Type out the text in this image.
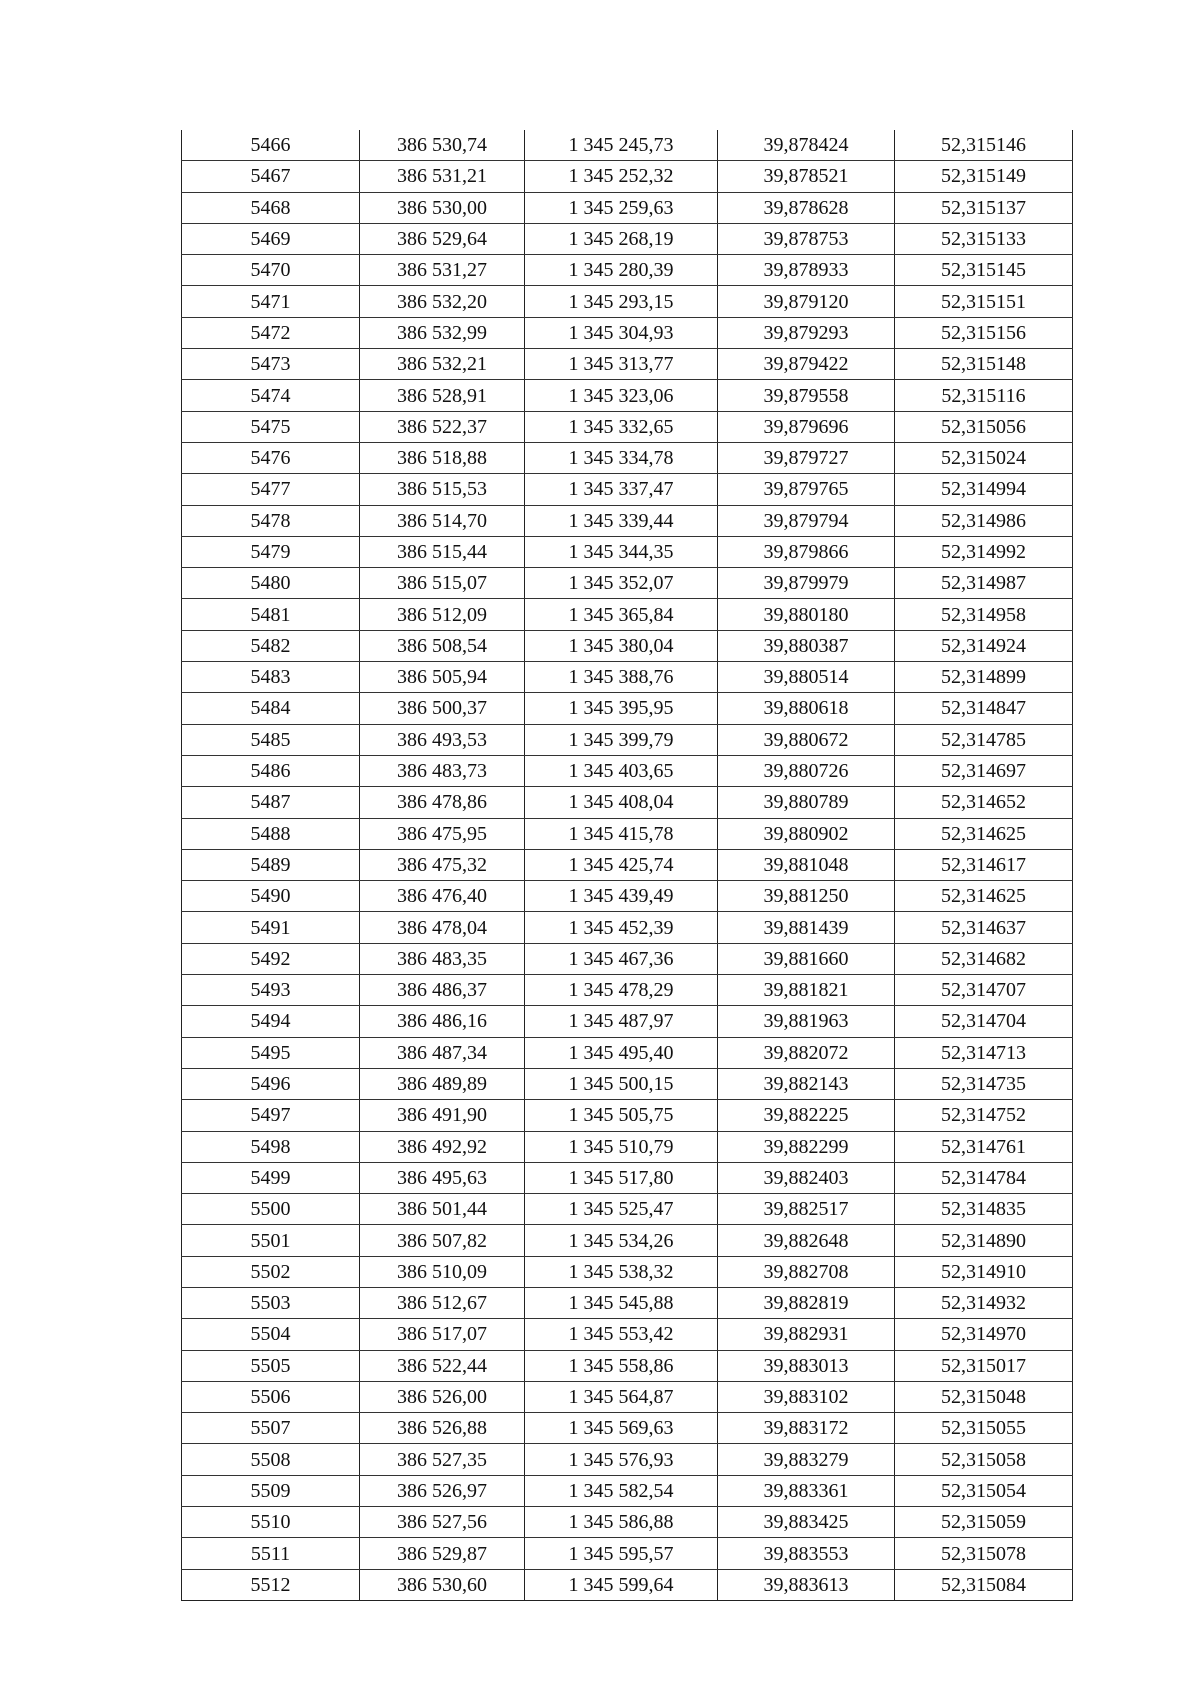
5466	386 530,74	1 345 245,73	39,878424	52,315146
5467	386 531,21	1 345 252,32	39,878521	52,315149
5468	386 530,00	1 345 259,63	39,878628	52,315137
5469	386 529,64	1 345 268,19	39,878753	52,315133
5470	386 531,27	1 345 280,39	39,878933	52,315145
5471	386 532,20	1 345 293,15	39,879120	52,315151
5472	386 532,99	1 345 304,93	39,879293	52,315156
5473	386 532,21	1 345 313,77	39,879422	52,315148
5474	386 528,91	1 345 323,06	39,879558	52,315116
5475	386 522,37	1 345 332,65	39,879696	52,315056
5476	386 518,88	1 345 334,78	39,879727	52,315024
5477	386 515,53	1 345 337,47	39,879765	52,314994
5478	386 514,70	1 345 339,44	39,879794	52,314986
5479	386 515,44	1 345 344,35	39,879866	52,314992
5480	386 515,07	1 345 352,07	39,879979	52,314987
5481	386 512,09	1 345 365,84	39,880180	52,314958
5482	386 508,54	1 345 380,04	39,880387	52,314924
5483	386 505,94	1 345 388,76	39,880514	52,314899
5484	386 500,37	1 345 395,95	39,880618	52,314847
5485	386 493,53	1 345 399,79	39,880672	52,314785
5486	386 483,73	1 345 403,65	39,880726	52,314697
5487	386 478,86	1 345 408,04	39,880789	52,314652
5488	386 475,95	1 345 415,78	39,880902	52,314625
5489	386 475,32	1 345 425,74	39,881048	52,314617
5490	386 476,40	1 345 439,49	39,881250	52,314625
5491	386 478,04	1 345 452,39	39,881439	52,314637
5492	386 483,35	1 345 467,36	39,881660	52,314682
5493	386 486,37	1 345 478,29	39,881821	52,314707
5494	386 486,16	1 345 487,97	39,881963	52,314704
5495	386 487,34	1 345 495,40	39,882072	52,314713
5496	386 489,89	1 345 500,15	39,882143	52,314735
5497	386 491,90	1 345 505,75	39,882225	52,314752
5498	386 492,92	1 345 510,79	39,882299	52,314761
5499	386 495,63	1 345 517,80	39,882403	52,314784
5500	386 501,44	1 345 525,47	39,882517	52,314835
5501	386 507,82	1 345 534,26	39,882648	52,314890
5502	386 510,09	1 345 538,32	39,882708	52,314910
5503	386 512,67	1 345 545,88	39,882819	52,314932
5504	386 517,07	1 345 553,42	39,882931	52,314970
5505	386 522,44	1 345 558,86	39,883013	52,315017
5506	386 526,00	1 345 564,87	39,883102	52,315048
5507	386 526,88	1 345 569,63	39,883172	52,315055
5508	386 527,35	1 345 576,93	39,883279	52,315058
5509	386 526,97	1 345 582,54	39,883361	52,315054
5510	386 527,56	1 345 586,88	39,883425	52,315059
5511	386 529,87	1 345 595,57	39,883553	52,315078
5512	386 530,60	1 345 599,64	39,883613	52,315084
